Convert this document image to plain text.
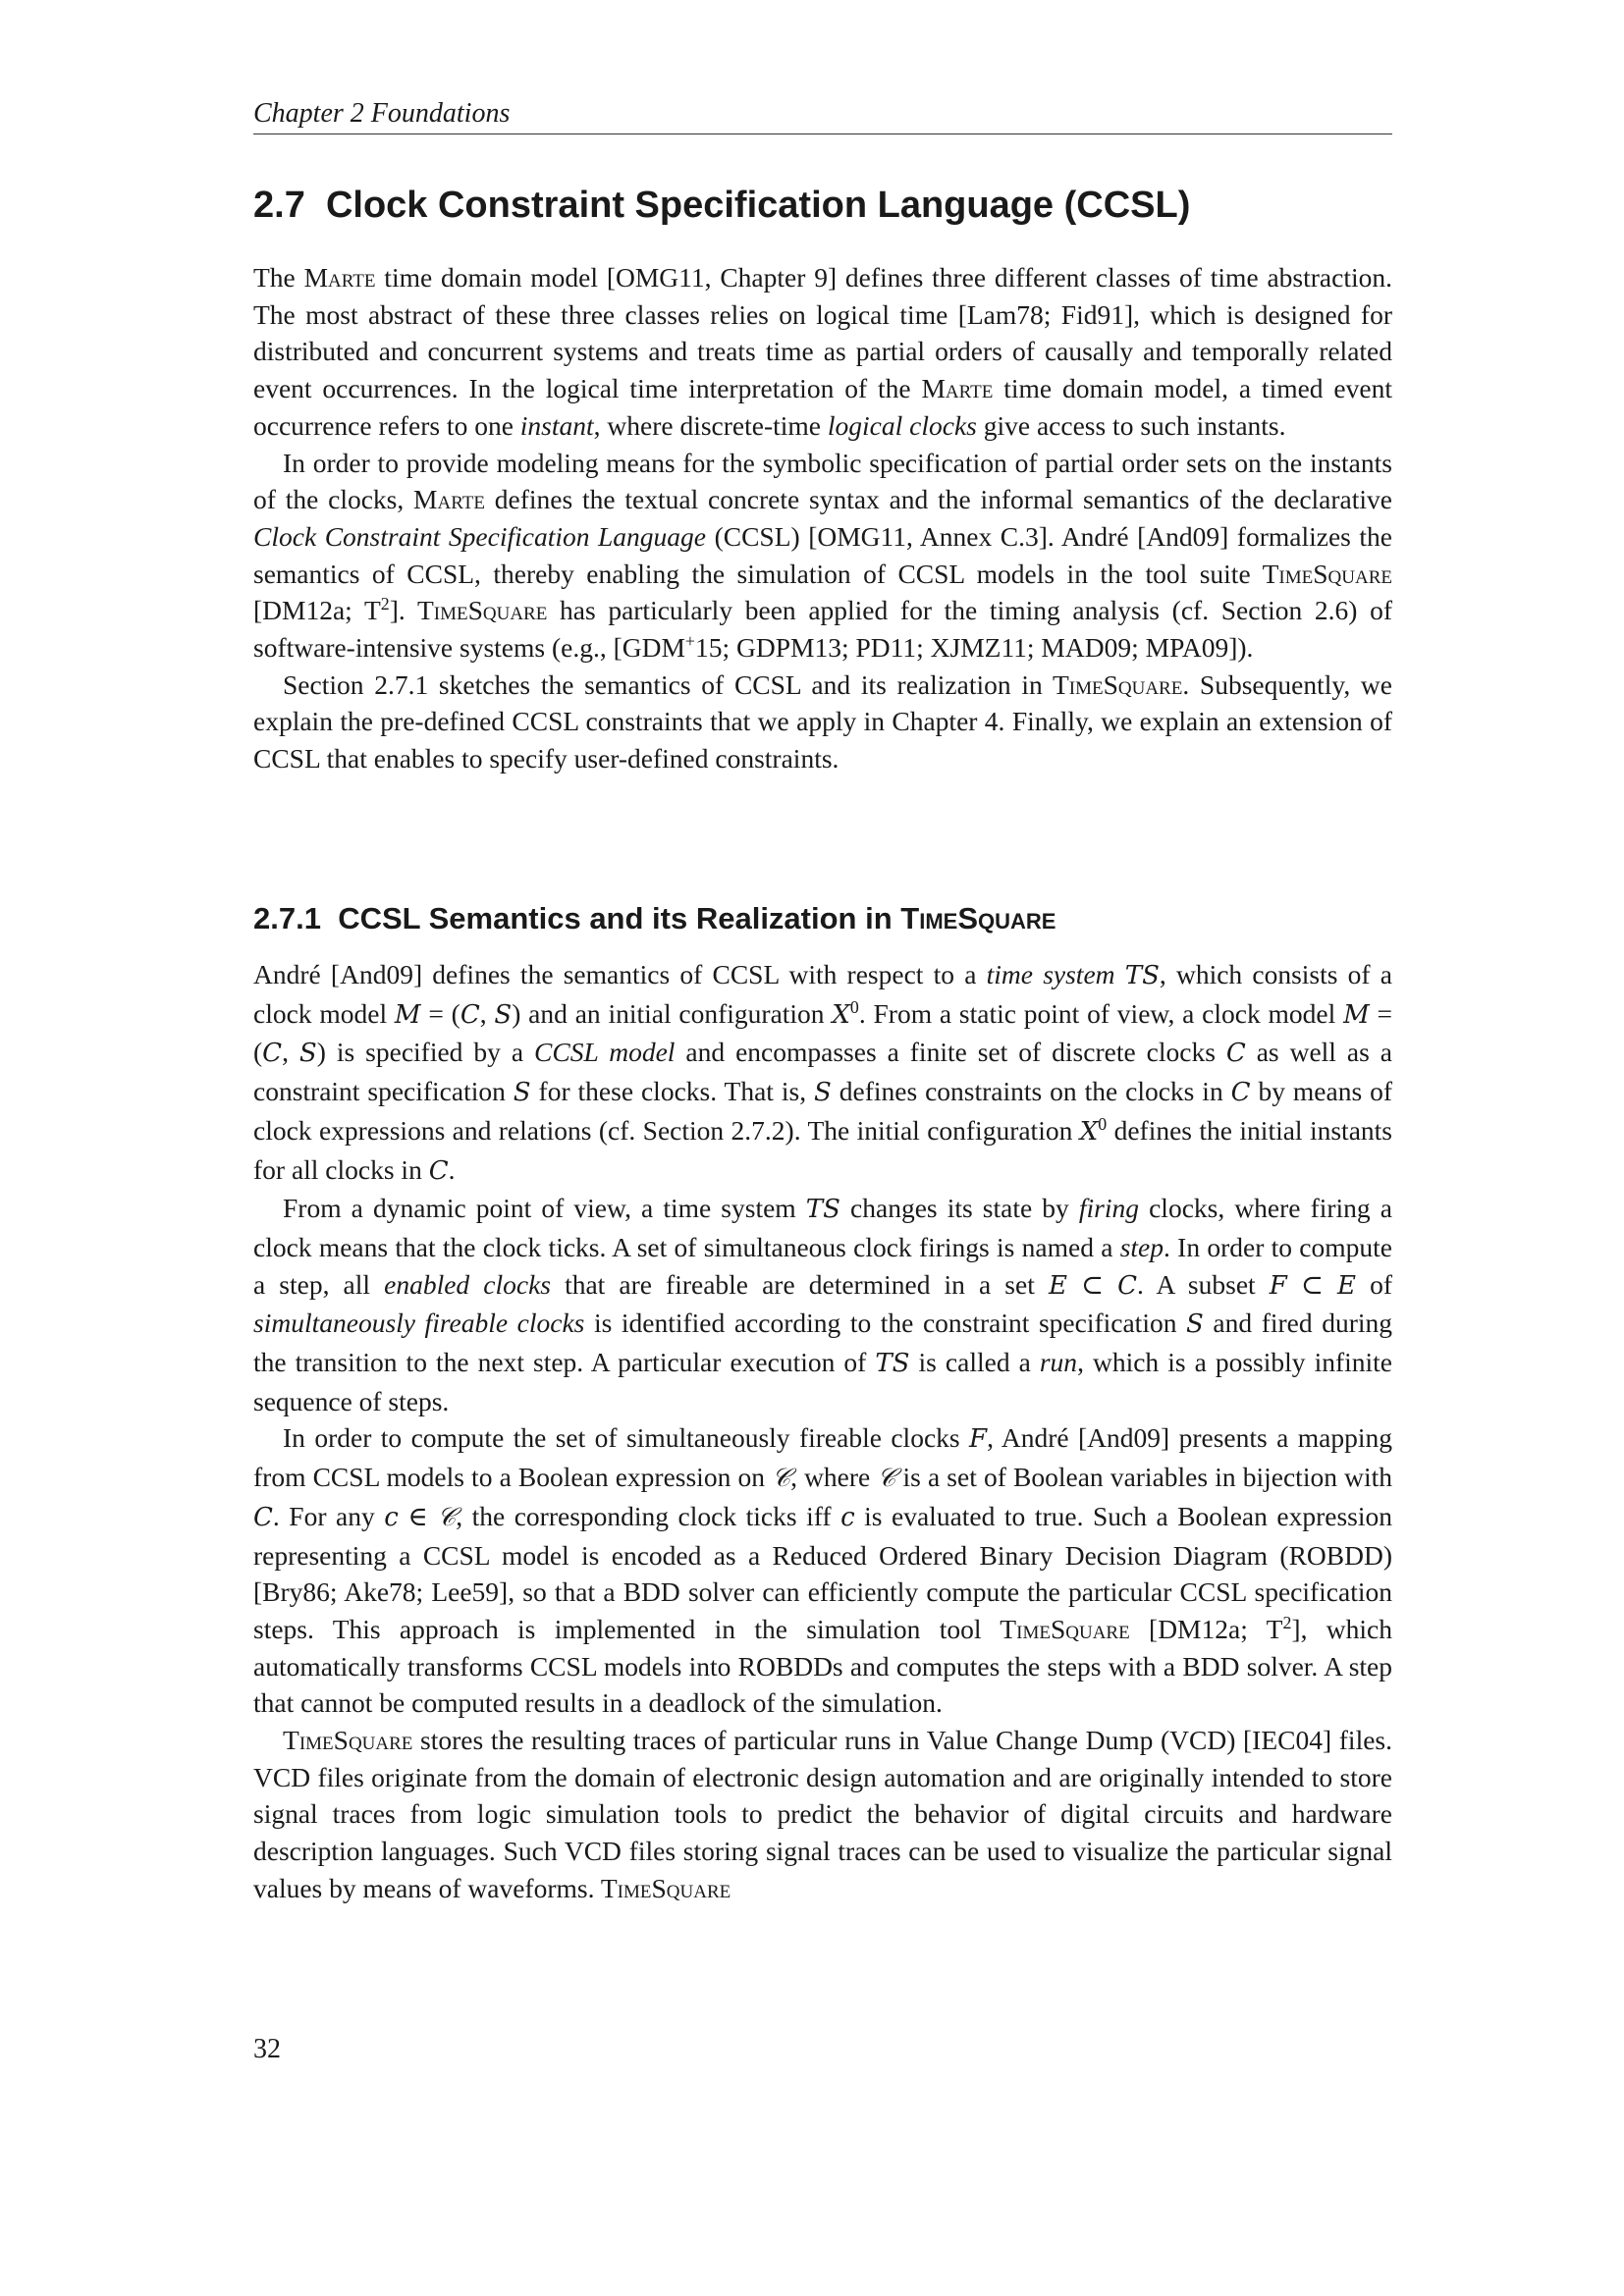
Chapter 2 Foundations
2.7 Clock Constraint Specification Language (CCSL)

The Marte time domain model [OMG11, Chapter 9] defines three different classes of time abstraction. The most abstract of these three classes relies on logical time [Lam78; Fid91], which is designed for distributed and concurrent systems and treats time as partial orders of causally and temporally related event occurrences. In the logical time interpretation of the Marte time domain model, a timed event occurrence refers to one instant, where discrete-time logical clocks give access to such instants.

In order to provide modeling means for the symbolic specification of partial order sets on the instants of the clocks, Marte defines the textual concrete syntax and the informal semantics of the declarative Clock Constraint Specification Language (CCSL) [OMG11, Annex C.3]. André [And09] formalizes the semantics of CCSL, thereby enabling the simulation of CCSL models in the tool suite TimeSquare [DM12a; $T^2$]. TimeSquare has particularly been applied for the timing analysis (cf. Section 2.6) of software-intensive systems (e.g., [GDM+15; GDPM13; PD11; XJMZ11; MAD09; MPA09]).

Section 2.7.1 sketches the semantics of CCSL and its realization in TimeSquare. Subsequently, we explain the pre-defined CCSL constraints that we apply in Chapter 4. Finally, we explain an extension of CCSL that enables to specify user-defined constraints.

2.7.1 CCSL Semantics and its Realization in TimeSquare

André [And09] defines the semantics of CCSL with respect to a time system TS, which consists of a clock model M = (C, S) and an initial configuration $X^0$. From a static point of view, a clock model M = (C, S) is specified by a CCSL model and encompasses a finite set of discrete clocks C as well as a constraint specification S for these clocks. That is, S defines constraints on the clocks in C by means of clock expressions and relations (cf. Section 2.7.2). The initial configuration $X^0$ defines the initial instants for all clocks in C.

From a dynamic point of view, a time system TS changes its state by firing clocks, where firing a clock means that the clock ticks. A set of simultaneous clock firings is named a step. In order to compute a step, all enabled clocks that are fireable are determined in a set E ⊂ C. A subset F ⊂ E of simultaneously fireable clocks is identified according to the constraint specification S and fired during the transition to the next step. A particular execution of TS is called a run, which is a possibly infinite sequence of steps.

In order to compute the set of simultaneously fireable clocks F, André [And09] presents a mapping from CCSL models to a Boolean expression on 𝒞, where 𝒞 is a set of Boolean variables in bijection with C. For any c ∈ 𝒞, the corresponding clock ticks iff c is evaluated to true. Such a Boolean expression representing a CCSL model is encoded as a Reduced Ordered Binary Decision Diagram (ROBDD) [Bry86; Ake78; Lee59], so that a BDD solver can efficiently compute the particular CCSL specification steps. This approach is implemented in the simulation tool TimeSquare [DM12a; $T^2$], which automatically transforms CCSL models into ROBDDs and computes the steps with a BDD solver. A step that cannot be computed results in a deadlock of the simulation.

TimeSquare stores the resulting traces of particular runs in Value Change Dump (VCD) [IEC04] files. VCD files originate from the domain of electronic design automation and are originally intended to store signal traces from logic simulation tools to predict the behavior of digital circuits and hardware description languages. Such VCD files storing signal traces can be used to visualize the particular signal values by means of waveforms. TimeSquare

32
